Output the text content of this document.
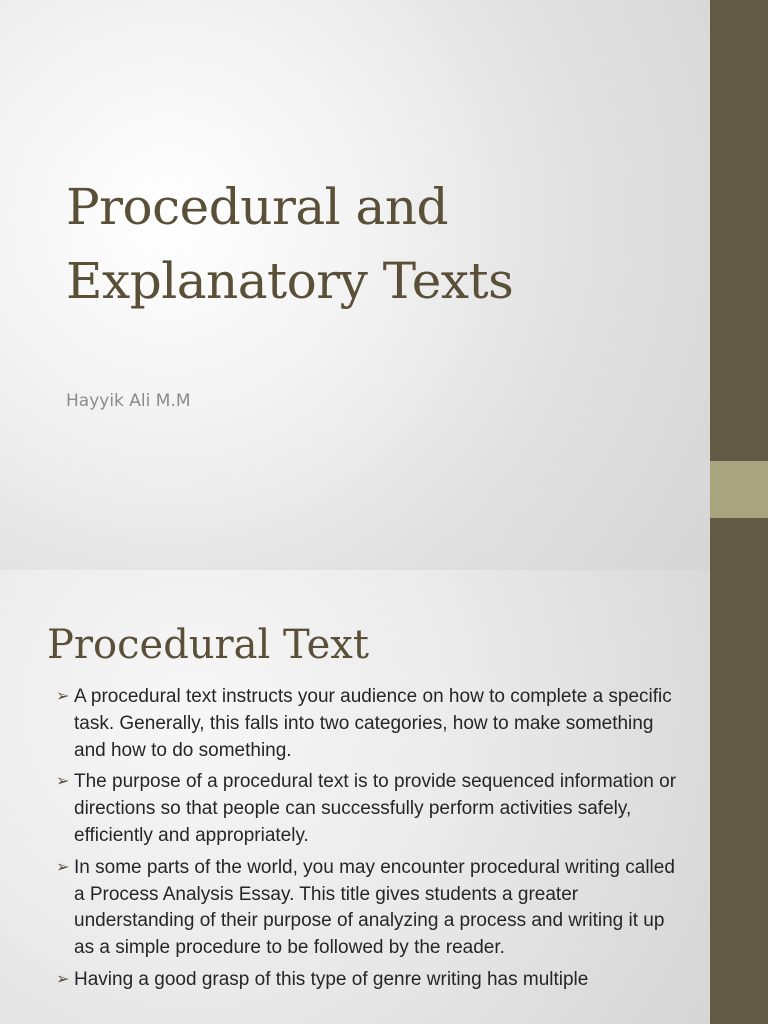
Procedural and
Explanatory Texts
Hayyik Ali M.M
Procedural Text
➢ A procedural text instructs your audience on how to complete a specific task. Generally, this falls into two categories, how to make something and how to do something.
➢ The purpose of a procedural text is to provide sequenced information or directions so that people can successfully perform activities safely, efficiently and appropriately.
➢ In some parts of the world, you may encounter procedural writing called a Process Analysis Essay. This title gives students a greater understanding of their purpose of analyzing a process and writing it up as a simple procedure to be followed by the reader.
➢ Having a good grasp of this type of genre writing has multiple
